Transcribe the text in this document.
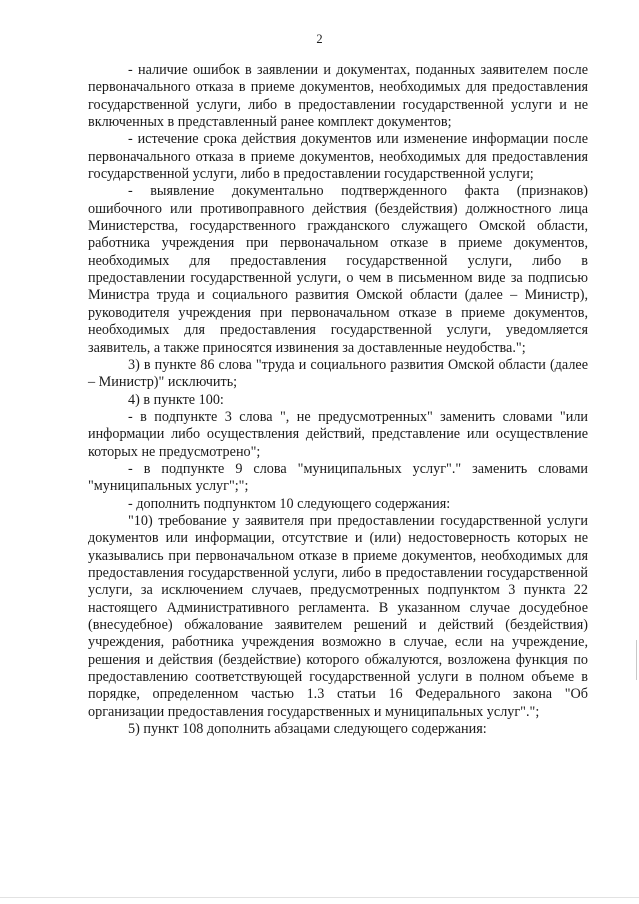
2

- наличие ошибок в заявлении и документах, поданных заявителем после первоначального отказа в приеме документов, необходимых для предоставления государственной услуги, либо в предоставлении государственной услуги и не включенных в представленный ранее комплект документов;

- истечение срока действия документов или изменение информации после первоначального отказа в приеме документов, необходимых для предоставления государственной услуги, либо в предоставлении государственной услуги;

- выявление документально подтвержденного факта (признаков) ошибочного или противоправного действия (бездействия) должностного лица Министерства, государственного гражданского служащего Омской области, работника учреждения при первоначальном отказе в приеме документов, необходимых для предоставления государственной услуги, либо в предоставлении государственной услуги, о чем в письменном виде за подписью Министра труда и социального развития Омской области (далее – Министр), руководителя учреждения при первоначальном отказе в приеме документов, необходимых для предоставления государственной услуги, уведомляется заявитель, а также приносятся извинения за доставленные неудобства.";

3) в пункте 86 слова "труда и социального развития Омской области (далее – Министр)" исключить;

4) в пункте 100:

- в подпункте 3 слова ", не предусмотренных" заменить словами "или информации либо осуществления действий, представление или осуществление которых не предусмотрено";

- в подпункте 9 слова "муниципальных услуг"." заменить словами "муниципальных услуг";";

- дополнить подпунктом 10 следующего содержания:

"10) требование у заявителя при предоставлении государственной услуги документов или информации, отсутствие и (или) недостоверность которых не указывались при первоначальном отказе в приеме документов, необходимых для предоставления государственной услуги, либо в предоставлении государственной услуги, за исключением случаев, предусмотренных подпунктом 3 пункта 22 настоящего Административного регламента. В указанном случае досудебное (внесудебное) обжалование заявителем решений и действий (бездействия) учреждения, работника учреждения возможно в случае, если на учреждение, решения и действия (бездействие) которого обжалуются, возложена функция по предоставлению соответствующей государственной услуги в полном объеме в порядке, определенном частью 1.3 статьи 16 Федерального закона "Об организации предоставления государственных и муниципальных услуг".";

5) пункт 108 дополнить абзацами следующего содержания:
